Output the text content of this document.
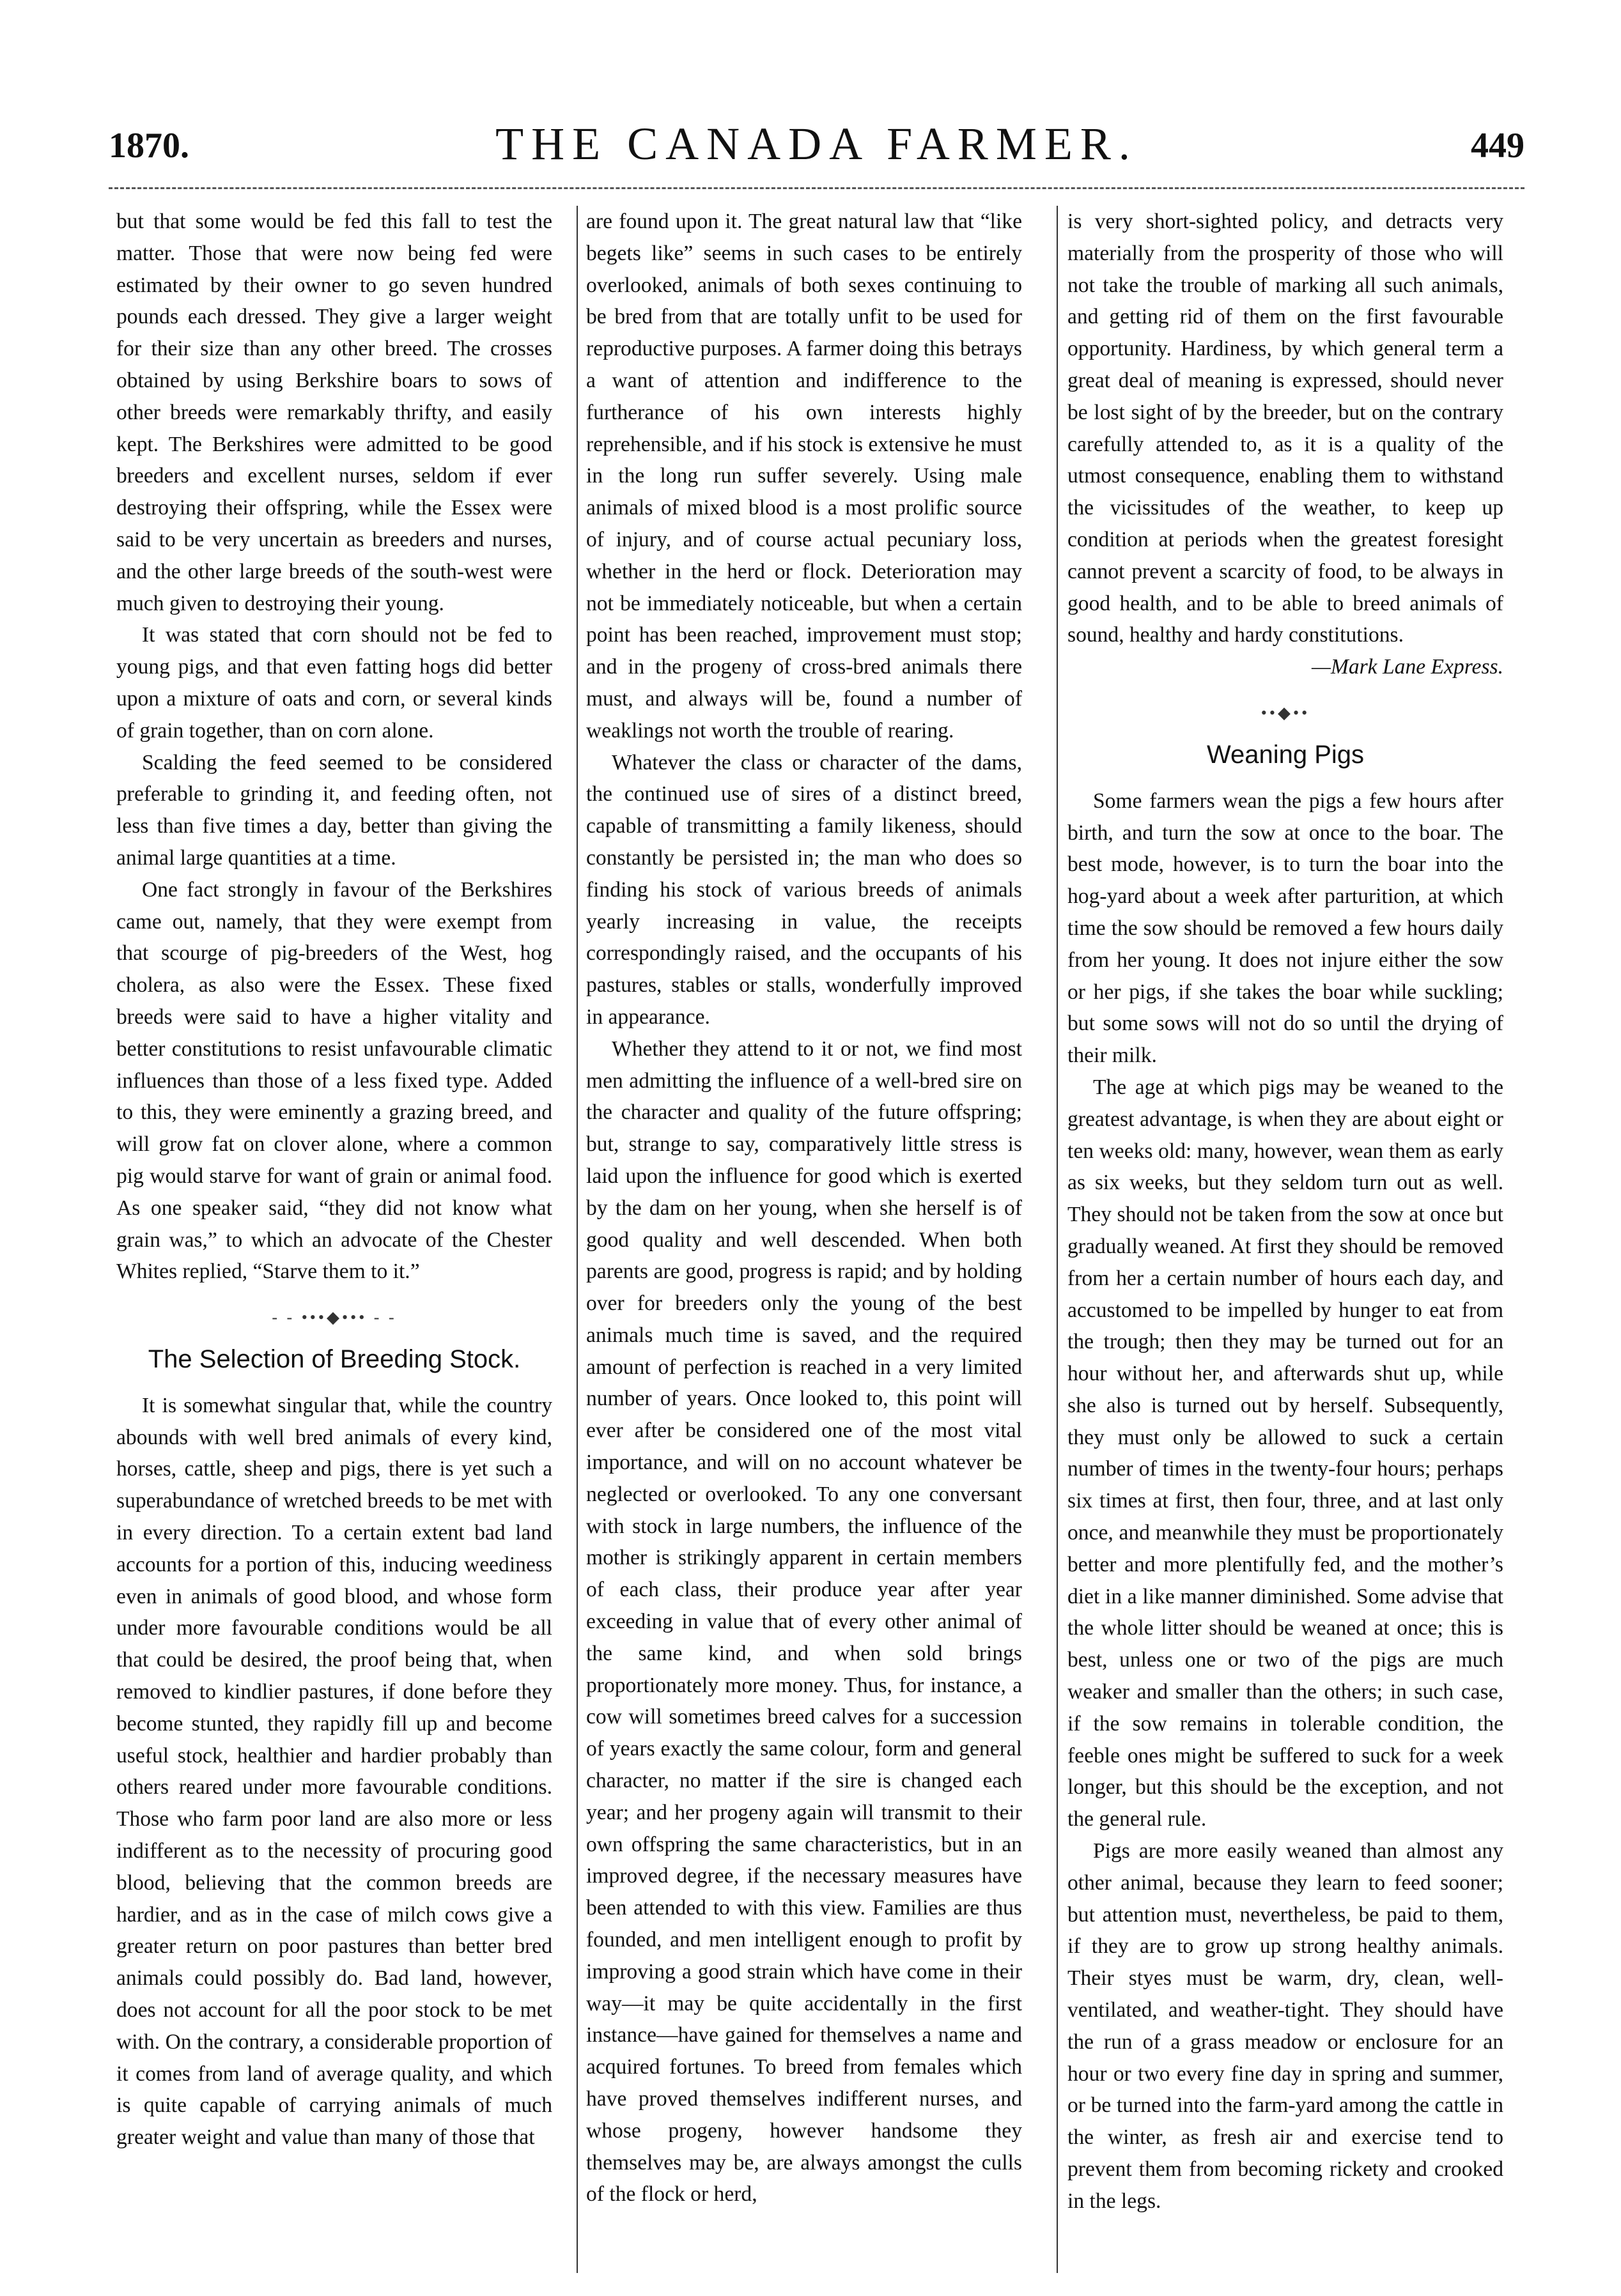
1870.	THE CANADA FARMER.	449

but that some would be fed this fall to test the matter. Those that were now being fed were estimated by their owner to go seven hundred pounds each dressed. They give a larger weight for their size than any other breed. The crosses obtained by using Berkshire boars to sows of other breeds were remarkably thrifty, and easily kept. The Berkshires were admitted to be good breeders and excellent nurses, seldom if ever destroying their offspring, while the Essex were said to be very uncertain as breeders and nurses, and the other large breeds of the south-west were much given to destroying their young.

It was stated that corn should not be fed to young pigs, and that even fatting hogs did better upon a mixture of oats and corn, or several kinds of grain together, than on corn alone.

Scalding the feed seemed to be considered preferable to grinding it, and feeding often, not less than five times a day, better than giving the animal large quantities at a time.

One fact strongly in favour of the Berkshires came out, namely, that they were exempt from that scourge of pig-breeders of the West, hog cholera, as also were the Essex. These fixed breeds were said to have a higher vitality and better constitutions to resist unfavourable climatic influences than those of a less fixed type. Added to this, they were eminently a grazing breed, and will grow fat on clover alone, where a common pig would starve for want of grain or animal food. As one speaker said, “they did not know what grain was,” to which an advocate of the Chester Whites replied, “Starve them to it.”

- - •••◆••• - -
The Selection of Breeding Stock.

It is somewhat singular that, while the country abounds with well bred animals of every kind, horses, cattle, sheep and pigs, there is yet such a superabundance of wretched breeds to be met with in every direction. To a certain extent bad land accounts for a portion of this, inducing weediness even in animals of good blood, and whose form under more favourable conditions would be all that could be desired, the proof being that, when removed to kindlier pastures, if done before they become stunted, they rapidly fill up and become useful stock, healthier and hardier probably than others reared under more favourable conditions. Those who farm poor land are also more or less indifferent as to the necessity of procuring good blood, believing that the common breeds are hardier, and as in the case of milch cows give a greater return on poor pastures than better bred animals could possibly do. Bad land, however, does not account for all the poor stock to be met with. On the contrary, a considerable proportion of it comes from land of average quality, and which is quite capable of carrying animals of much greater weight and value than many of those that

are found upon it. The great natural law that “like begets like” seems in such cases to be entirely overlooked, animals of both sexes continuing to be bred from that are totally unfit to be used for reproductive purposes. A farmer doing this betrays a want of attention and indifference to the furtherance of his own interests highly reprehensible, and if his stock is extensive he must in the long run suffer severely. Using male animals of mixed blood is a most prolific source of injury, and of course actual pecuniary loss, whether in the herd or flock. Deterioration may not be immediately noticeable, but when a certain point has been reached, improvement must stop; and in the progeny of cross-bred animals there must, and always will be, found a number of weaklings not worth the trouble of rearing.

Whatever the class or character of the dams, the continued use of sires of a distinct breed, capable of transmitting a family likeness, should constantly be persisted in; the man who does so finding his stock of various breeds of animals yearly increasing in value, the receipts correspondingly raised, and the occupants of his pastures, stables or stalls, wonderfully improved in appearance.

Whether they attend to it or not, we find most men admitting the influence of a well-bred sire on the character and quality of the future offspring; but, strange to say, comparatively little stress is laid upon the influence for good which is exerted by the dam on her young, when she herself is of good quality and well descended. When both parents are good, progress is rapid; and by holding over for breeders only the young of the best animals much time is saved, and the required amount of perfection is reached in a very limited number of years. Once looked to, this point will ever after be considered one of the most vital importance, and will on no account whatever be neglected or overlooked. To any one conversant with stock in large numbers, the influence of the mother is strikingly apparent in certain members of each class, their produce year after year exceeding in value that of every other animal of the same kind, and when sold brings proportionately more money. Thus, for instance, a cow will sometimes breed calves for a succession of years exactly the same colour, form and general character, no matter if the sire is changed each year; and her progeny again will transmit to their own offspring the same characteristics, but in an improved degree, if the necessary measures have been attended to with this view. Families are thus founded, and men intelligent enough to profit by improving a good strain which have come in their way—it may be quite accidentally in the first instance—have gained for themselves a name and acquired fortunes. To breed from females which have proved themselves indifferent nurses, and whose progeny, however handsome they themselves may be, are always amongst the culls of the flock or herd,

is very short-sighted policy, and detracts very materially from the prosperity of those who will not take the trouble of marking all such animals, and getting rid of them on the first favourable opportunity. Hardiness, by which general term a great deal of meaning is expressed, should never be lost sight of by the breeder, but on the contrary carefully attended to, as it is a quality of the utmost consequence, enabling them to withstand the vicissitudes of the weather, to keep up condition at periods when the greatest foresight cannot prevent a scarcity of food, to be always in good health, and to be able to breed animals of sound, healthy and hardy constitutions.

—Mark Lane Express.

••◆••
Weaning Pigs

Some farmers wean the pigs a few hours after birth, and turn the sow at once to the boar. The best mode, however, is to turn the boar into the hog-yard about a week after parturition, at which time the sow should be removed a few hours daily from her young. It does not injure either the sow or her pigs, if she takes the boar while suckling; but some sows will not do so until the drying of their milk.

The age at which pigs may be weaned to the greatest advantage, is when they are about eight or ten weeks old: many, however, wean them as early as six weeks, but they seldom turn out as well. They should not be taken from the sow at once but gradually weaned. At first they should be removed from her a certain number of hours each day, and accustomed to be impelled by hunger to eat from the trough; then they may be turned out for an hour without her, and afterwards shut up, while she also is turned out by herself. Subsequently, they must only be allowed to suck a certain number of times in the twenty-four hours; perhaps six times at first, then four, three, and at last only once, and meanwhile they must be proportionately better and more plentifully fed, and the mother’s diet in a like manner diminished. Some advise that the whole litter should be weaned at once; this is best, unless one or two of the pigs are much weaker and smaller than the others; in such case, if the sow remains in tolerable condition, the feeble ones might be suffered to suck for a week longer, but this should be the exception, and not the general rule.

Pigs are more easily weaned than almost any other animal, because they learn to feed sooner; but attention must, nevertheless, be paid to them, if they are to grow up strong healthy animals. Their styes must be warm, dry, clean, well-ventilated, and weather-tight. They should have the run of a grass meadow or enclosure for an hour or two every fine day in spring and summer, or be turned into the farm-yard among the cattle in the winter, as fresh air and exercise tend to prevent them from becoming rickety and crooked in the legs.
